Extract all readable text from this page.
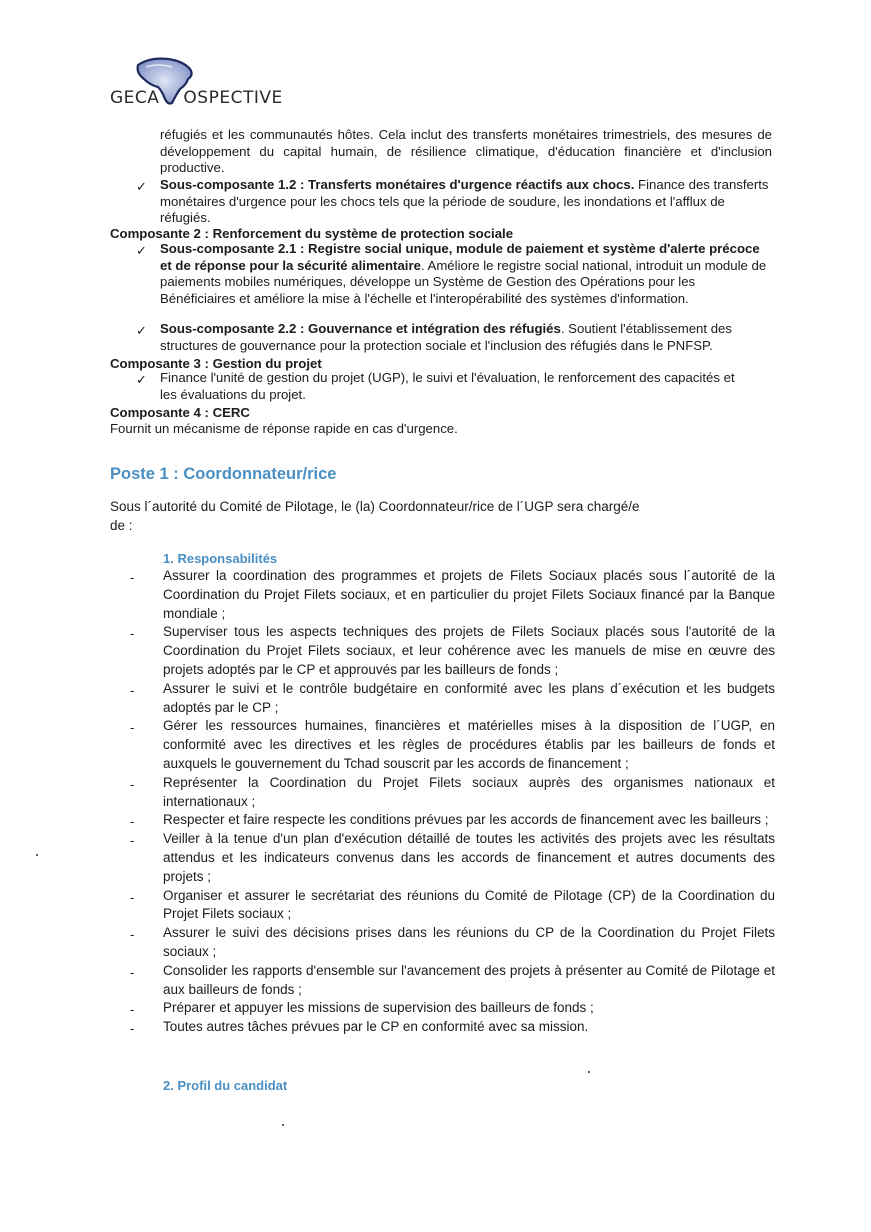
GECA OSPECTIVE

réfugiés et les communautés hôtes. Cela inclut des transferts monétaires trimestriels, des mesures de développement du capital humain, de résilience climatique, d'éducation financière et d'inclusion productive.

✓ Sous-composante 1.2 : Transferts monétaires d'urgence réactifs aux chocs. Finance des transferts monétaires d'urgence pour les chocs tels que la période de soudure, les inondations et l'afflux de réfugiés.

Composante 2 : Renforcement du système de protection sociale

✓ Sous-composante 2.1 : Registre social unique, module de paiement et système d'alerte précoce et de réponse pour la sécurité alimentaire. Améliore le registre social national, introduit un module de paiements mobiles numériques, développe un Système de Gestion des Opérations pour les Bénéficiaires et améliore la mise à l'échelle et l'interopérabilité des systèmes d'information.

✓ Sous-composante 2.2 : Gouvernance et intégration des réfugiés. Soutient l'établissement des structures de gouvernance pour la protection sociale et l'inclusion des réfugiés dans le PNFSP.

Composante 3 : Gestion du projet

✓ Finance l'unité de gestion du projet (UGP), le suivi et l'évaluation, le renforcement des capacités et les évaluations du projet.

Composante 4 : CERC

Fournit un mécanisme de réponse rapide en cas d'urgence.

Poste 1 : Coordonnateur/rice
Sous l´autorité du Comité de Pilotage, le (la) Coordonnateur/rice de l´UGP sera chargé/e de :
1. Responsabilités
- Assurer la coordination des programmes et projets de Filets Sociaux placés sous l´autorité de la Coordination du Projet Filets sociaux, et en particulier du projet Filets Sociaux financé par la Banque mondiale ;
- Superviser tous les aspects techniques des projets de Filets Sociaux placés sous l'autorité de la Coordination du Projet Filets sociaux, et leur cohérence avec les manuels de mise en œuvre des projets adoptés par le CP et approuvés par les bailleurs de fonds ;
- Assurer le suivi et le contrôle budgétaire en conformité avec les plans d´exécution et les budgets adoptés par le CP ;
- Gérer les ressources humaines, financières et matérielles mises à la disposition de l´UGP, en conformité avec les directives et les règles de procédures établis par les bailleurs de fonds et auxquels le gouvernement du Tchad souscrit par les accords de financement ;
- Représenter la Coordination du Projet Filets sociaux auprès des organismes nationaux et internationaux ;
- Respecter et faire respecte les conditions prévues par les accords de financement avec les bailleurs ;
- Veiller à la tenue d'un plan d'exécution détaillé de toutes les activités des projets avec les résultats attendus et les indicateurs convenus dans les accords de financement et autres documents des projets ;
- Organiser et assurer le secrétariat des réunions du Comité de Pilotage (CP) de la Coordination du Projet Filets sociaux ;
- Assurer le suivi des décisions prises dans les réunions du CP de la Coordination du Projet Filets sociaux ;
- Consolider les rapports d'ensemble sur l'avancement des projets à présenter au Comité de Pilotage et aux bailleurs de fonds ;
- Préparer et appuyer les missions de supervision des bailleurs de fonds ;
- Toutes autres tâches prévues par le CP en conformité avec sa mission.
2. Profil du candidat
